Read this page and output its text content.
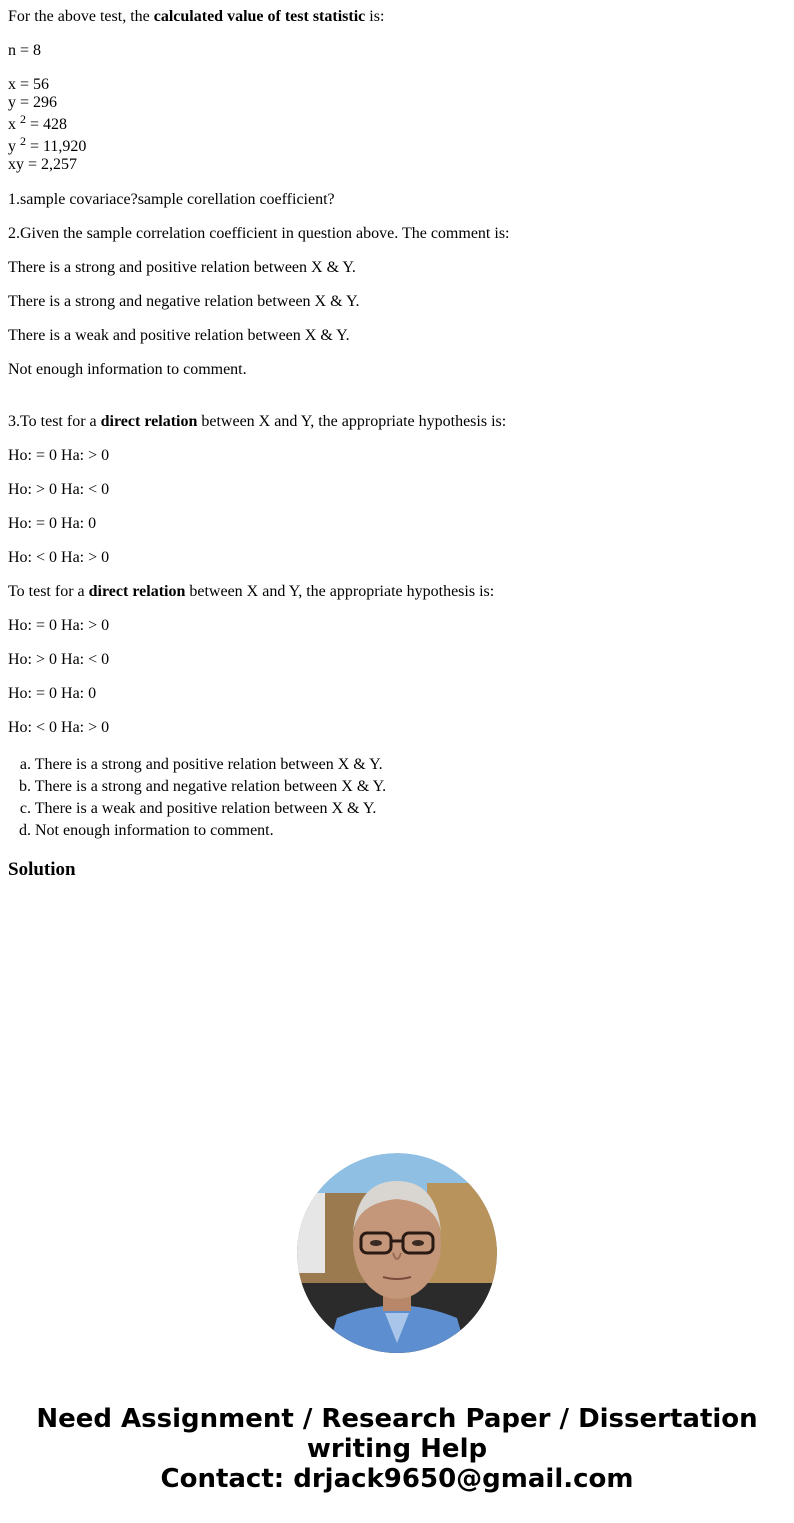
For the above test, the calculated value of test statistic is:

n = 8

x = 56
y = 296
x $^2$ = 428
y $^2$ = 11,920
xy = 2,257

1.sample covariace?sample corellation coefficient?

2.Given the sample correlation coefficient in question above. The comment is:

There is a strong and positive relation between X & Y.

There is a strong and negative relation between X & Y.

There is a weak and positive relation between X & Y.

Not enough information to comment.

3.To test for a direct relation between X and Y, the appropriate hypothesis is:

Ho: = 0 Ha: > 0

Ho: > 0 Ha: < 0

Ho: = 0 Ha: 0

Ho: < 0 Ha: > 0

To test for a direct relation between X and Y, the appropriate hypothesis is:

Ho: = 0 Ha: > 0

Ho: > 0 Ha: < 0

Ho: = 0 Ha: 0

Ho: < 0 Ha: > 0

a. There is a strong and positive relation between X & Y.
b. There is a strong and negative relation between X & Y.
c. There is a weak and positive relation between X & Y.
d. Not enough information to comment.
Solution
Need Assignment / Research Paper / Dissertation
writing Help
Contact: drjack9650@gmail.com
